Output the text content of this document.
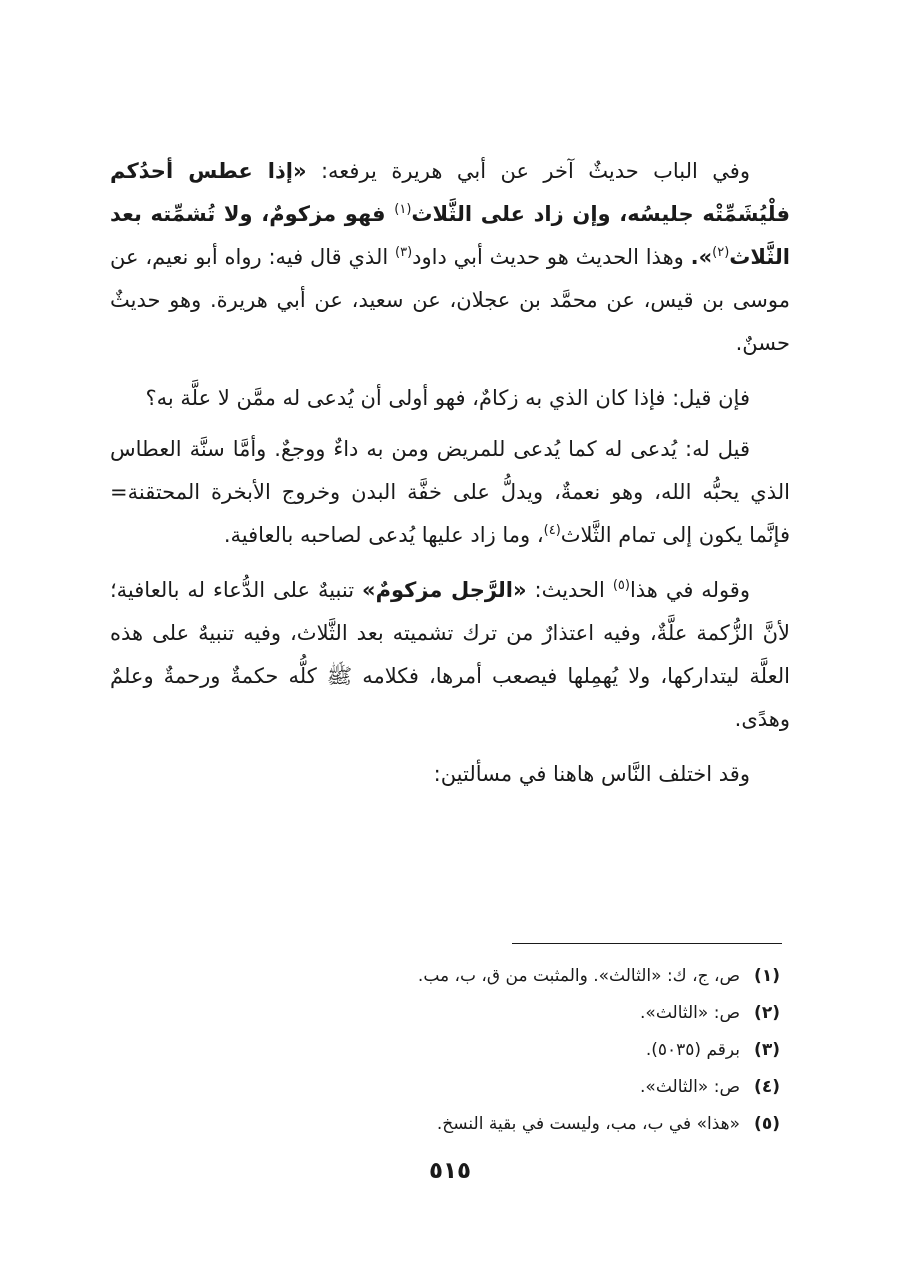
وفي الباب حديثٌ آخر عن أبي هريرة يرفعه: «إذا عطس أحدُكم فلْيُشَمِّتْه جليسُه، وإن زاد على الثَّلاث$^{(١)}$ فهو مزكومٌ، ولا تُشمِّته بعد الثَّلاث$^{(٢)}$». وهذا الحديث هو حديث أبي داود$^{(٣)}$ الذي قال فيه: رواه أبو نعيم، عن موسى بن قيس، عن محمَّد بن عجلان، عن سعيد، عن أبي هريرة. وهو حديثٌ حسنٌ.

فإن قيل: فإذا كان الذي به زكامٌ، فهو أولى أن يُدعى له ممَّن لا علَّة به؟

قيل له: يُدعى له كما يُدعى للمريض ومن به داءٌ ووجعٌ. وأمَّا سنَّة العطاس الذي يحبُّه الله، وهو نعمةٌ، ويدلُّ على خفَّة البدن وخروج الأبخرة المحتقنة= فإنَّما يكون إلى تمام الثَّلاث$^{(٤)}$، وما زاد عليها يُدعى لصاحبه بالعافية.

وقوله في هذا$^{(٥)}$ الحديث: «الرَّجل مزكومٌ» تنبيهٌ على الدُّعاء له بالعافية؛ لأنَّ الزُّكمة علَّةٌ، وفيه اعتذارٌ من ترك تشميته بعد الثَّلاث، وفيه تنبيهٌ على هذه العلَّة ليتداركها، ولا يُهمِلها فيصعب أمرها، فكلامه ﷺ كلُّه حكمةٌ ورحمةٌ وعلمٌ وهدًى.

وقد اختلف النَّاس هاهنا في مسألتين:

(١)ص، ج، ك: «الثالث». والمثبت من ق، ب، مب.
(٢)ص: «الثالث».
(٣)برقم (٥٠٣٥).
(٤)ص: «الثالث».
(٥)«هذا» في ب، مب، وليست في بقية النسخ.
٥١٥
